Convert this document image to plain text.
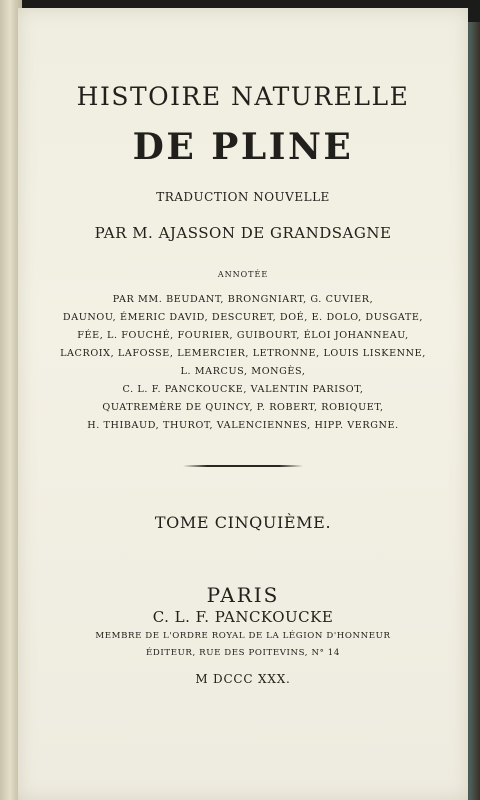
HISTOIRE NATURELLE
DE PLINE
TRADUCTION NOUVELLE
PAR M. AJASSON DE GRANDSAGNE
ANNOTÉE
PAR MM. BEUDANT, BRONGNIART, G. CUVIER,
DAUNOU, ÉMERIC DAVID, DESCURET, DOÉ, E. DOLO, DUSGATE,
FÉE, L. FOUCHÉ, FOURIER, GUIBOURT, ÉLOI JOHANNEAU,
LACROIX, LAFOSSE, LEMERCIER, LETRONNE, LOUIS LISKENNE,
L. MARCUS, MONGÈS,
C. L. F. PANCKOUCKE, VALENTIN PARISOT,
QUATREMÈRE DE QUINCY, P. ROBERT, ROBIQUET,
H. THIBAUD, THUROT, VALENCIENNES, HIPP. VERGNE.
TOME CINQUIÈME.
PARIS
C. L. F. PANCKOUCKE
MEMBRE DE L'ORDRE ROYAL DE LA LÉGION D'HONNEUR
ÉDITEUR, RUE DES POITEVINS, N° 14
M DCCC XXX.
